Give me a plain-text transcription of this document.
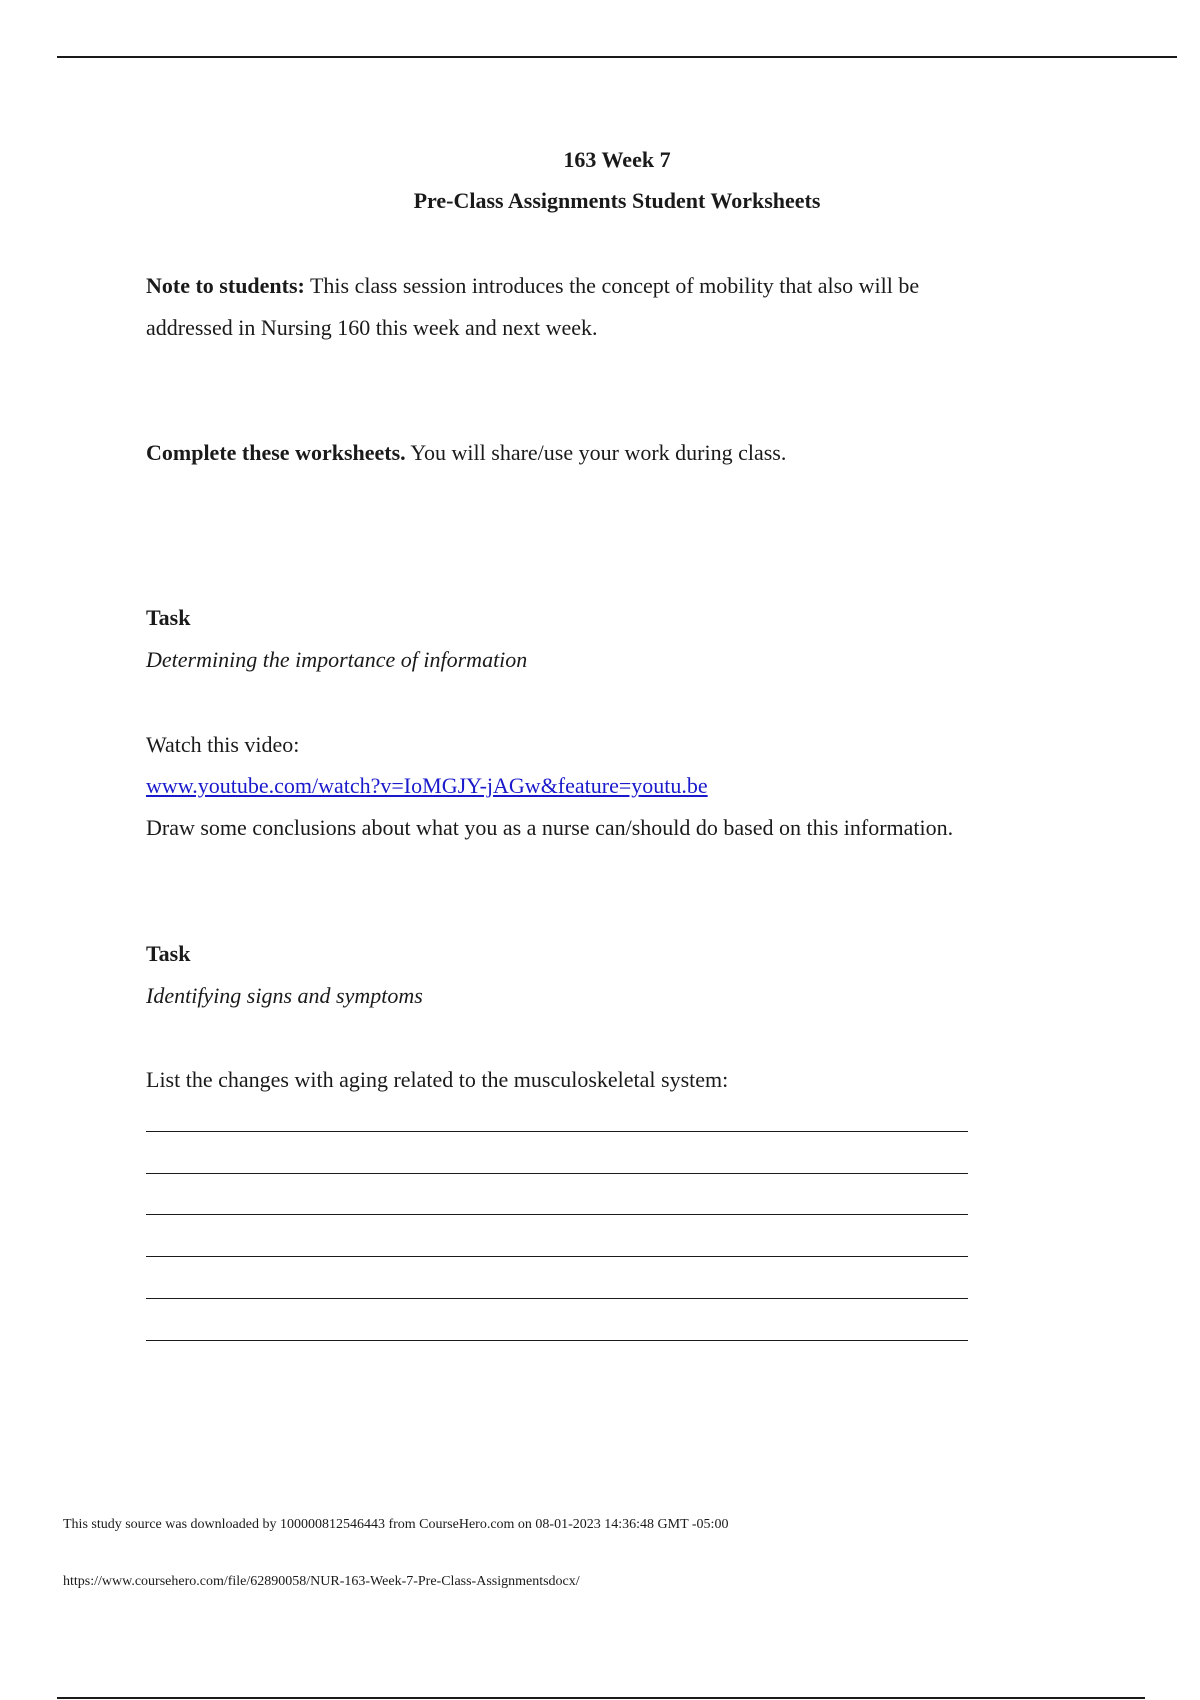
163 Week 7
Pre-Class Assignments Student Worksheets
Note to students: This class session introduces the concept of mobility that also will be
addressed in Nursing 160 this week and next week.
Complete these worksheets. You will share/use your work during class.
Task
Determining the importance of information
Watch this video:
www.youtube.com/watch?v=IoMGJY-jAGw&feature=youtu.be
Draw some conclusions about what you as a nurse can/should do based on this information.
Task
Identifying signs and symptoms
List the changes with aging related to the musculoskeletal system:
This study source was downloaded by 100000812546443 from CourseHero.com on 08-01-2023 14:36:48 GMT -05:00
https://www.coursehero.com/file/62890058/NUR-163-Week-7-Pre-Class-Assignmentsdocx/
